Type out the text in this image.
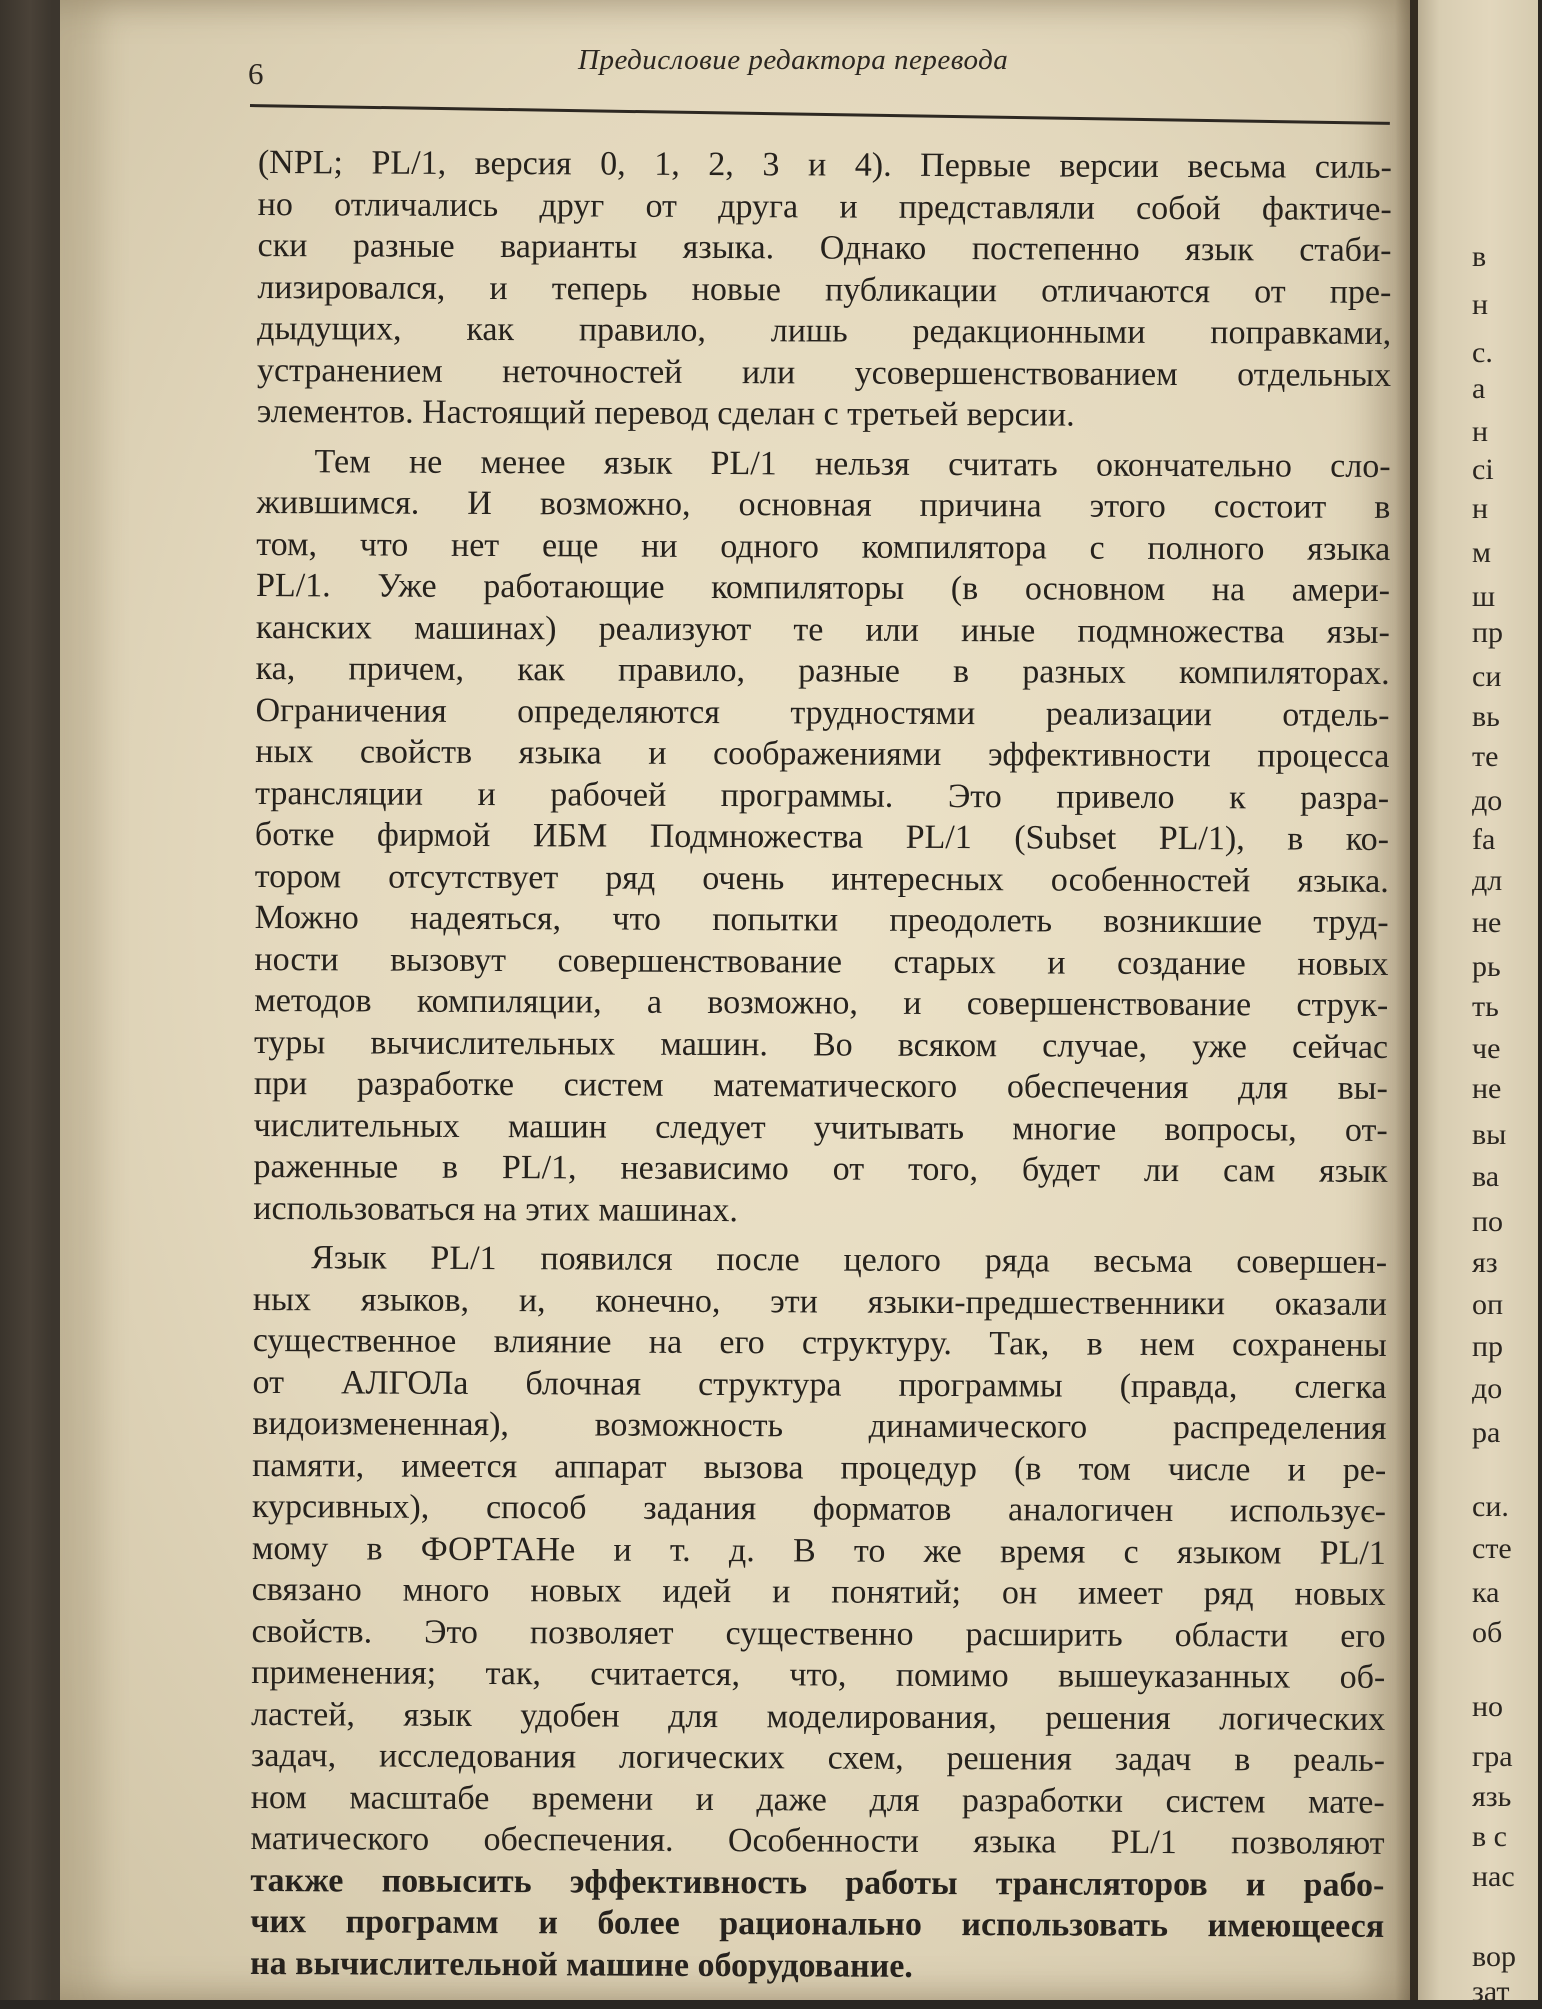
6	Предисловие редактора перевода
(NPL; PL/1, версия 0, 1, 2, 3 и 4). Первые версии весьма силь-
но отличались друг от друга и представляли собой фактиче-
ски разные варианты языка. Однако постепенно язык стаби-
лизировался, и теперь новые публикации отличаются от пре-
дыдущих, как правило, лишь редакционными поправками,
устранением неточностей или усовершенствованием отдельных
элементов. Настоящий перевод сделан с третьей версии.
Тем не менее язык PL/1 нельзя считать окончательно сло-
жившимся. И возможно, основная причина этого состоит в
том, что нет еще ни одного компилятора с полного языка
PL/1. Уже работающие компиляторы (в основном на амери-
канских машинах) реализуют те или иные подмножества язы-
ка, причем, как правило, разные в разных компиляторах.
Ограничения определяются трудностями реализации отдель-
ных свойств языка и соображениями эффективности процесса
трансляции и рабочей программы. Это привело к разра-
ботке фирмой ИБМ Подмножества PL/1 (Subset PL/1), в ко-
тором отсутствует ряд очень интересных особенностей языка.
Можно надеяться, что попытки преодолеть возникшие труд-
ности вызовут совершенствование старых и создание новых
методов компиляции, а возможно, и совершенствование струк-
туры вычислительных машин. Во всяком случае, уже сейчас
при разработке систем математического обеспечения для вы-
числительных машин следует учитывать многие вопросы, от-
раженные в PL/1, независимо от того, будет ли сам язык
использоваться на этих машинах.
Язык PL/1 появился после целого ряда весьма совершен-
ных языков, и, конечно, эти языки-предшественники оказали
существенное влияние на его структуру. Так, в нем сохранены
от АЛГОЛа блочная структура программы (правда, слегка
видоизмененная), возможность динамического распределения
памяти, имеется аппарат вызова процедур (в том числе и ре-
курсивных), способ задания форматов аналогичен использує-
мому в ФОРТАНе и т. д. В то же время с языком PL/1
связано много новых идей и понятий; он имеет ряд новых
свойств. Это позволяет существенно расширить области его
применения; так, считается, что, помимо вышеуказанных об-
ластей, язык удобен для моделирования, решения логических
задач, исследования логических схем, решения задач в реаль-
ном масштабе времени и даже для разработки систем мате-
матического обеспечения. Особенности языка PL/1 позволяют
также повысить эффективность работы трансляторов и рабо-
чих программ и более рационально использовать имеющееся
на вычислительной машине оборудование.
в
н
с.
а
н
сі
н
м
ш
пр
си
вь
те
до
fa
дл
не
рь
ть
че
не
вы
ва
по
яз
оп
пр
до
ра
си.
сте
ка
об
но
гра
язь
в с
нас
вор
зат
